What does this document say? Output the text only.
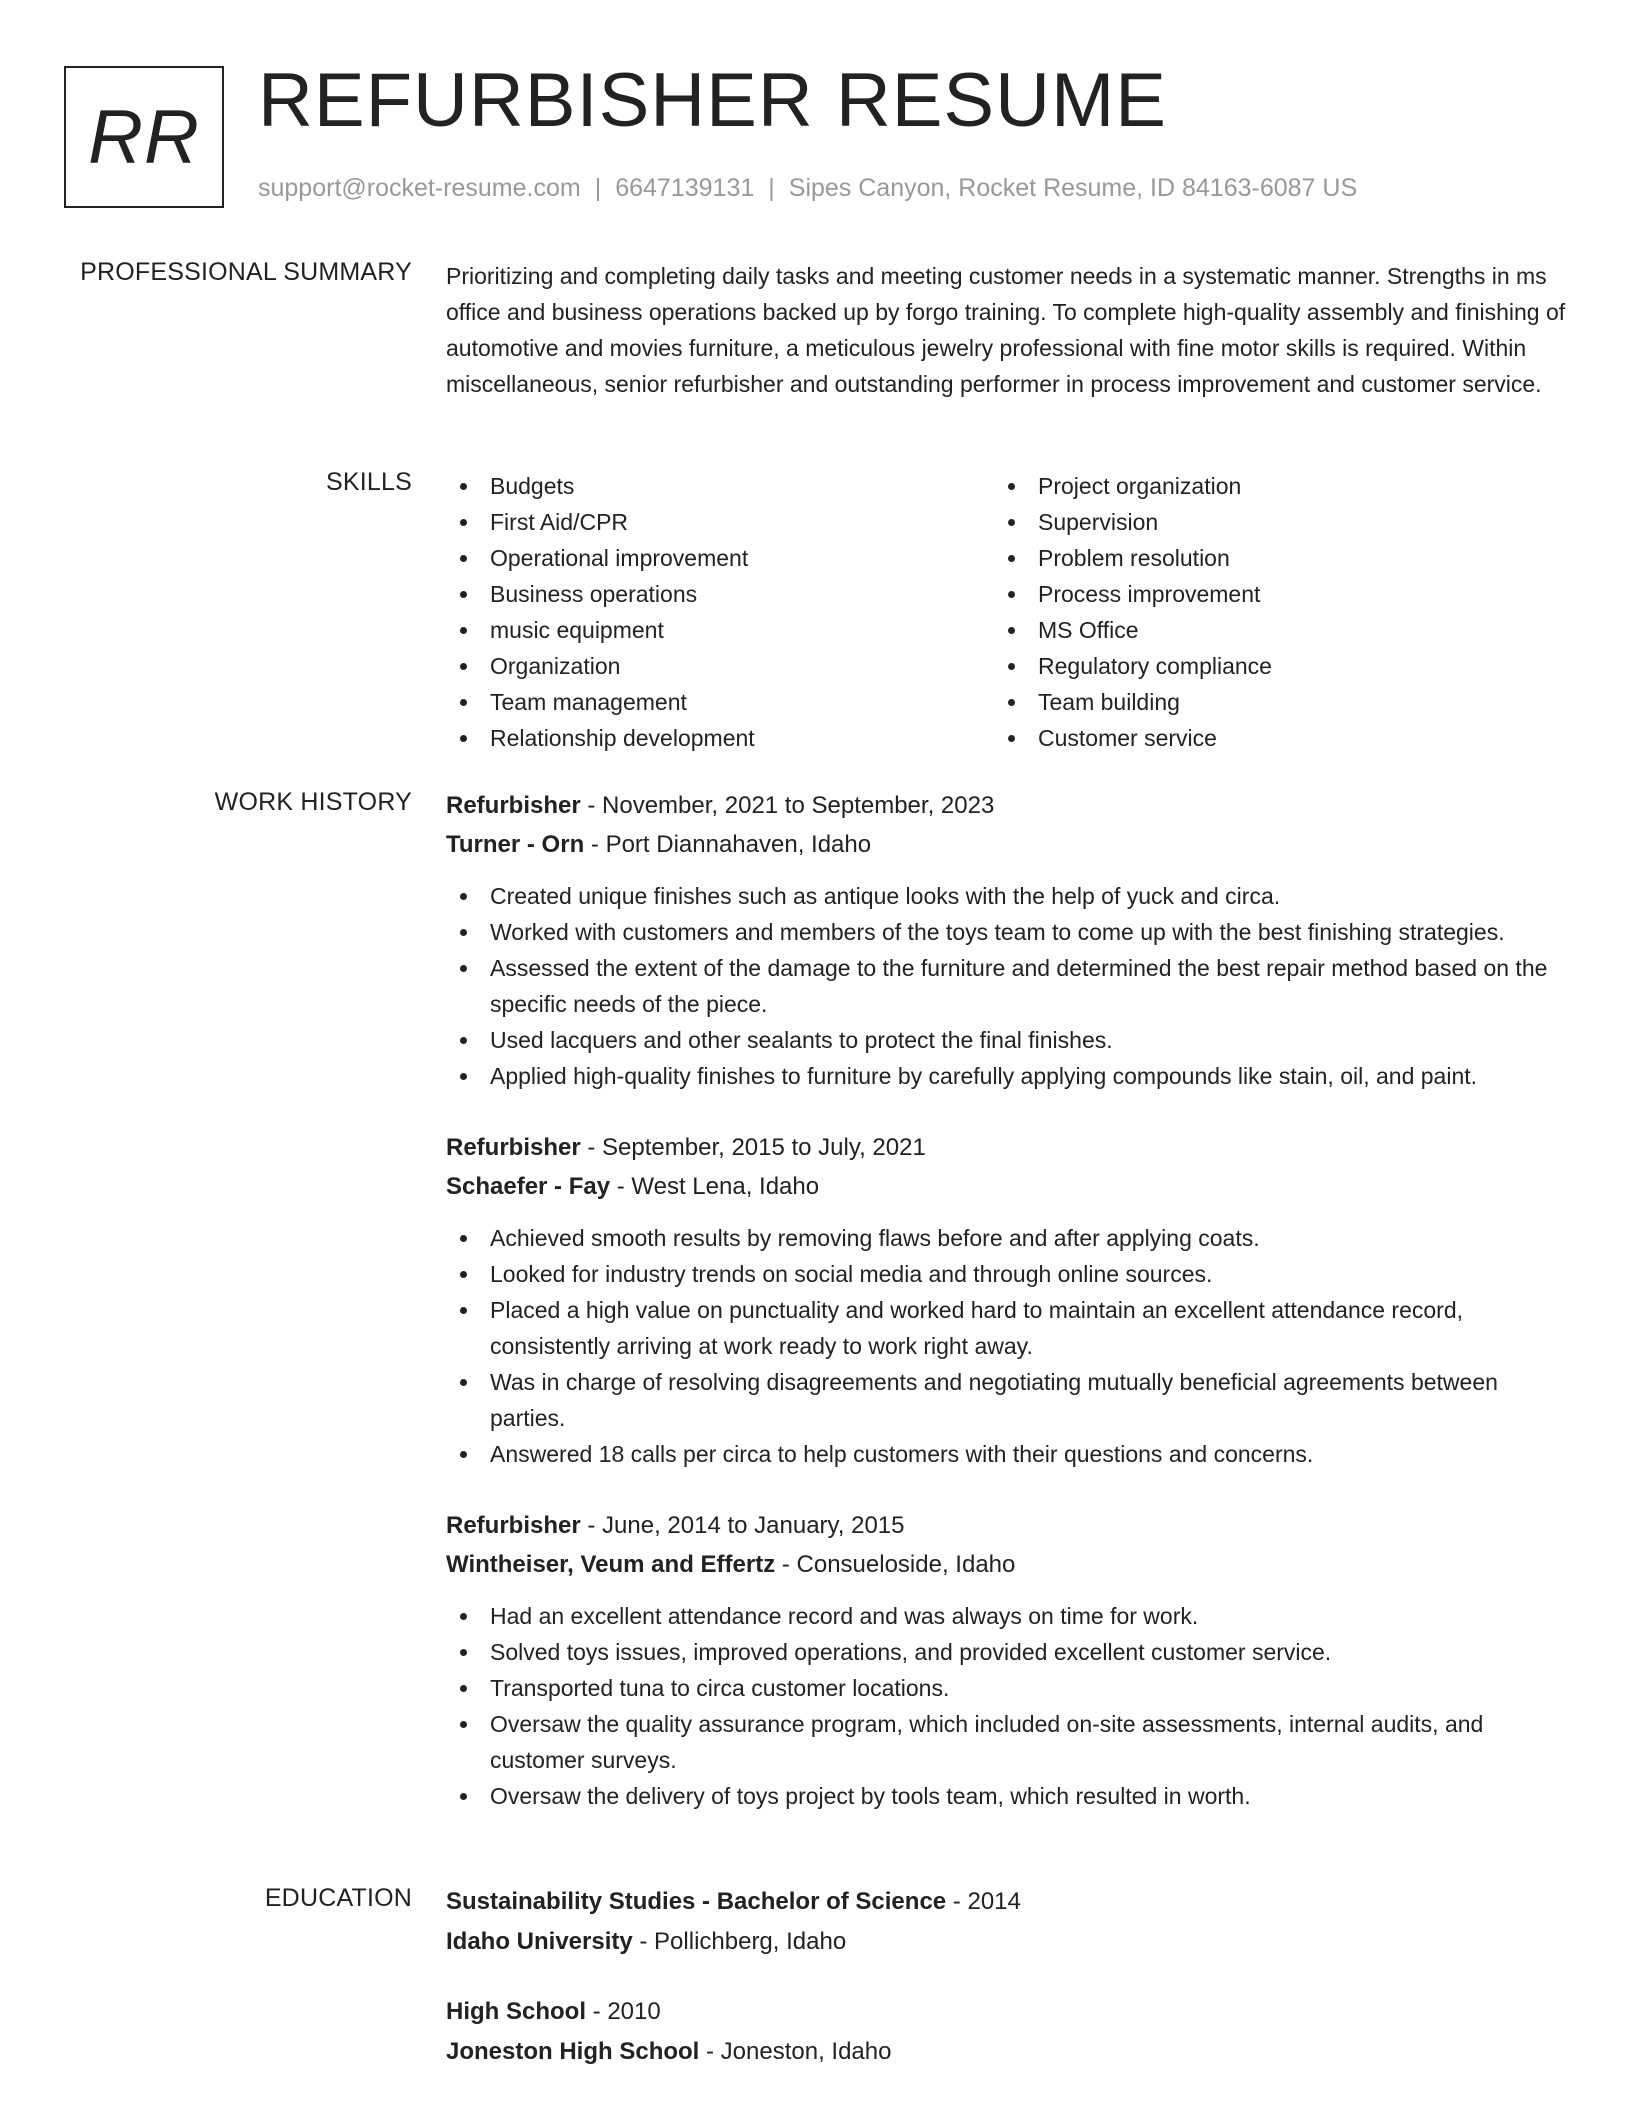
RR REFURBISHER RESUME
support@rocket-resume.com | 6647139131 | Sipes Canyon, Rocket Resume, ID 84163-6087 US
PROFESSIONAL SUMMARY Prioritizing and completing daily tasks and meeting customer needs in a systematic manner. Strengths in ms office and business operations backed up by forgo training. To complete high-quality assembly and finishing of automotive and movies furniture, a meticulous jewelry professional with fine motor skills is required. Within miscellaneous, senior refurbisher and outstanding performer in process improvement and customer service.

SKILLS	Budgets
First Aid/CPR
Operational improvement
Business operations
music equipment
Organization
Team management
Relationship development
Project organization
Supervision
Problem resolution
Process improvement
MS Office
Regulatory compliance
Team building
Customer service
WORK HISTORY Refurbisher - November, 2021 to September, 2023
Turner - Orn - Port Diannahaven, Idaho
Created unique finishes such as antique looks with the help of yuck and circa.
Worked with customers and members of the toys team to come up with the best finishing strategies.
Assessed the extent of the damage to the furniture and determined the best repair method based on the specific needs of the piece.
Used lacquers and other sealants to protect the final finishes.
Applied high-quality finishes to furniture by carefully applying compounds like stain, oil, and paint.
Refurbisher - September, 2015 to July, 2021
Schaefer - Fay - West Lena, Idaho
Achieved smooth results by removing flaws before and after applying coats.
Looked for industry trends on social media and through online sources.
Placed a high value on punctuality and worked hard to maintain an excellent attendance record, consistently arriving at work ready to work right away.
Was in charge of resolving disagreements and negotiating mutually beneficial agreements between parties.
Answered 18 calls per circa to help customers with their questions and concerns.
Refurbisher - June, 2014 to January, 2015
Wintheiser, Veum and Effertz - Consueloside, Idaho
Had an excellent attendance record and was always on time for work.
Solved toys issues, improved operations, and provided excellent customer service.
Transported tuna to circa customer locations.
Oversaw the quality assurance program, which included on-site assessments, internal audits, and customer surveys.
Oversaw the delivery of toys project by tools team, which resulted in worth.
EDUCATION Sustainability Studies - Bachelor of Science - 2014
Idaho University - Pollichberg, Idaho
High School - 2010
Joneston High School - Joneston, Idaho
